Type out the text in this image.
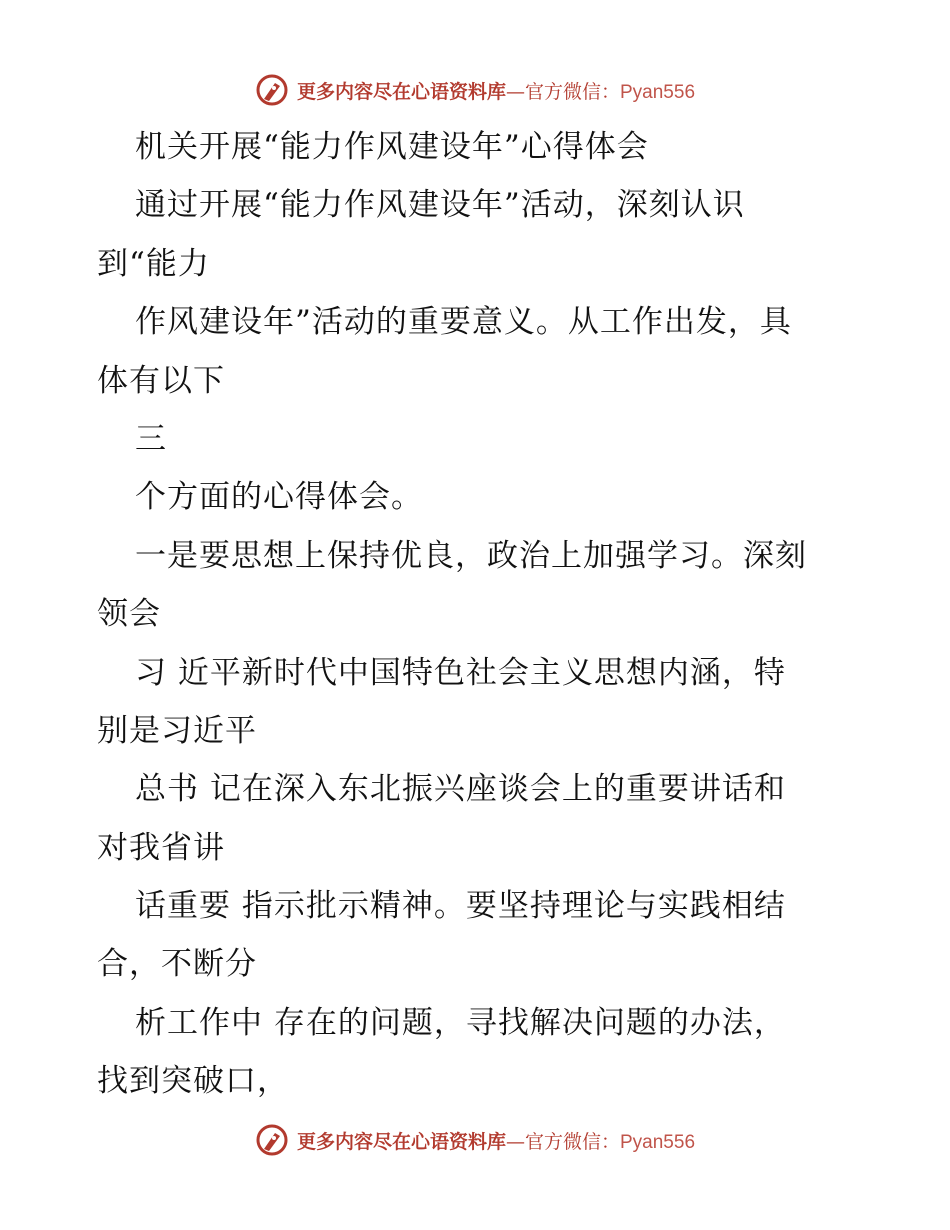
更多内容尽在心语资料库 — 官方微信： Pyan556
机关开展“能力作风建设年”心得体会
通过开展“能力作风建设年”活动，深刻认识
到“能力
作风建设年”活动的重要意义。从工作出发，具
体有以下
三
个方面的心得体会。
一是要思想上保持优良，政治上加强学习。深刻
领会
习 近平新时代中国特色社会主义思想内涵，特
别是习近平
总书 记在深入东北振兴座谈会上的重要讲话和
对我省讲
话重要 指示批示精神。要坚持理论与实践相结
合，不断分
析工作中 存在的问题，寻找解决问题的办法，
找到突破口，
更多内容尽在心语资料库 — 官方微信： Pyan556
